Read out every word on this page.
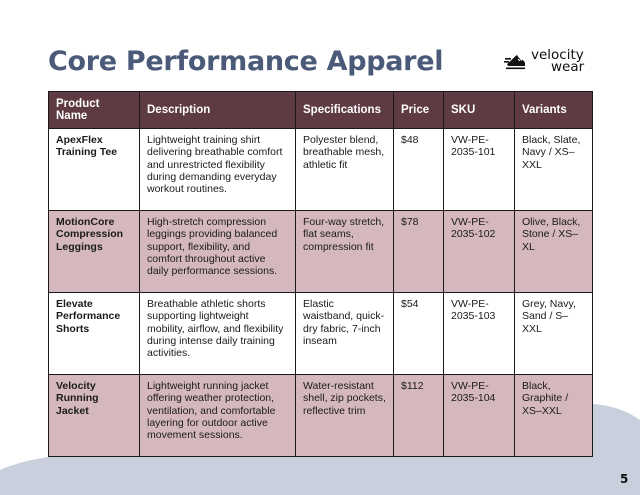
Core Performance Apparel	velocity
wear
Product Name	Description	Specifications	Price	SKU	Variants
ApexFlex Training Tee	Lightweight training shirt delivering breathable comfort and unrestricted flexibility during demanding everyday workout routines.	Polyester blend, breathable mesh, athletic fit	$48	VW-PE-2035-101	Black, Slate, Navy / XS–XXL
MotionCore Compression Leggings	High-stretch compression leggings providing balanced support, flexibility, and comfort throughout active daily performance sessions.	Four-way stretch, flat seams, compression fit	$78	VW-PE-2035-102	Olive, Black, Stone / XS–XL
Elevate Performance Shorts	Breathable athletic shorts supporting lightweight mobility, airflow, and flexibility during intense daily training activities.	Elastic waistband, quick-dry fabric, 7-inch inseam	$54	VW-PE-2035-103	Grey, Navy, Sand / S–XXL
Velocity Running Jacket	Lightweight running jacket offering weather protection, ventilation, and comfortable layering for outdoor active movement sessions.	Water-resistant shell, zip pockets, reflective trim	$112	VW-PE-2035-104	Black, Graphite / XS–XXL
5
